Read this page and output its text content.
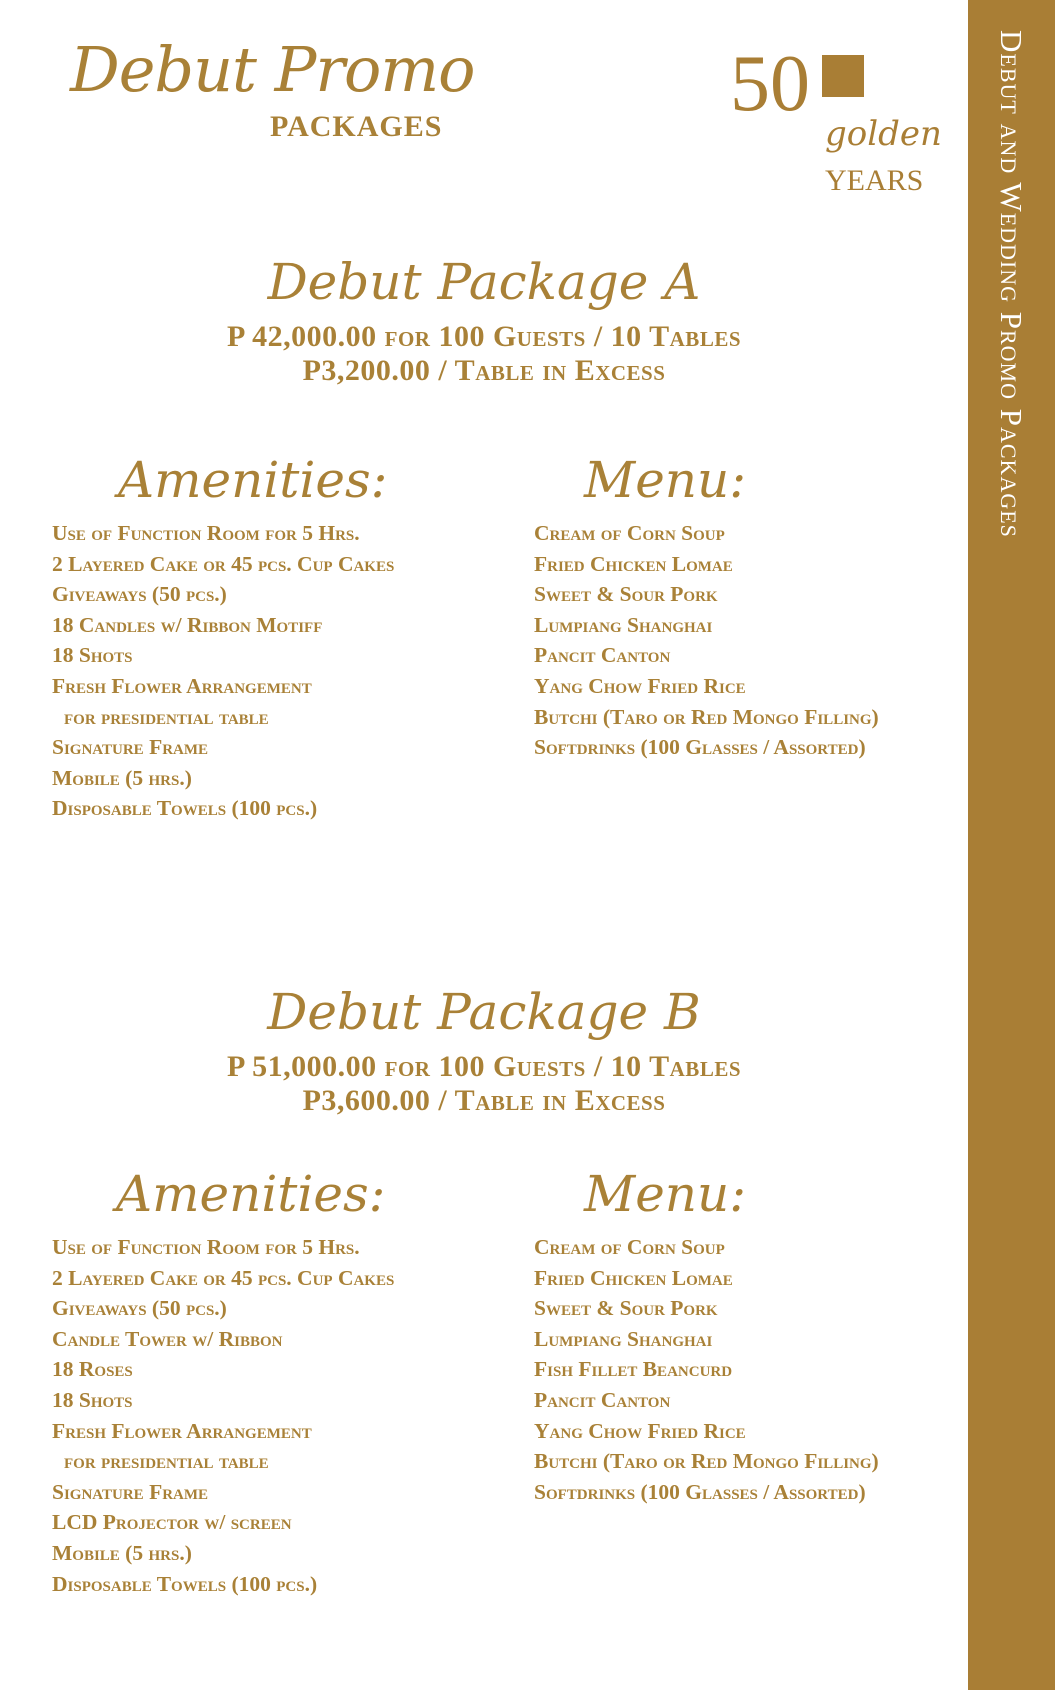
Debut Promo
PACKAGES	50
golden
YEARS Debut and Wedding Promo Packages
Debut Package A
P 42,000.00 for 100 Guests / 10 Tables
P3,200.00 / Table in Excess
Amenities:	Menu:
Use of Function Room for 5 Hrs.
2 Layered Cake or 45 pcs. Cup Cakes
Giveaways (50 pcs.)
18 Candles w/ Ribbon Motiff
18 Shots
Fresh Flower Arrangement
for presidential table
Signature Frame
Mobile (5 hrs.)
Disposable Towels (100 pcs.)
Cream of Corn Soup
Fried Chicken Lomae
Sweet & Sour Pork
Lumpiang Shanghai
Pancit Canton
Yang Chow Fried Rice
Butchi (Taro or Red Mongo Filling)
Softdrinks (100 Glasses / Assorted)
Debut Package B
P 51,000.00 for 100 Guests / 10 Tables
P3,600.00 / Table in Excess
Amenities:	Menu:
Use of Function Room for 5 Hrs.
2 Layered Cake or 45 pcs. Cup Cakes
Giveaways (50 pcs.)
Candle Tower w/ Ribbon
18 Roses
18 Shots
Fresh Flower Arrangement
for presidential table
Signature Frame
LCD Projector w/ screen
Mobile (5 hrs.)
Disposable Towels (100 pcs.)
Cream of Corn Soup
Fried Chicken Lomae
Sweet & Sour Pork
Lumpiang Shanghai
Fish Fillet Beancurd
Pancit Canton
Yang Chow Fried Rice
Butchi (Taro or Red Mongo Filling)
Softdrinks (100 Glasses / Assorted)
